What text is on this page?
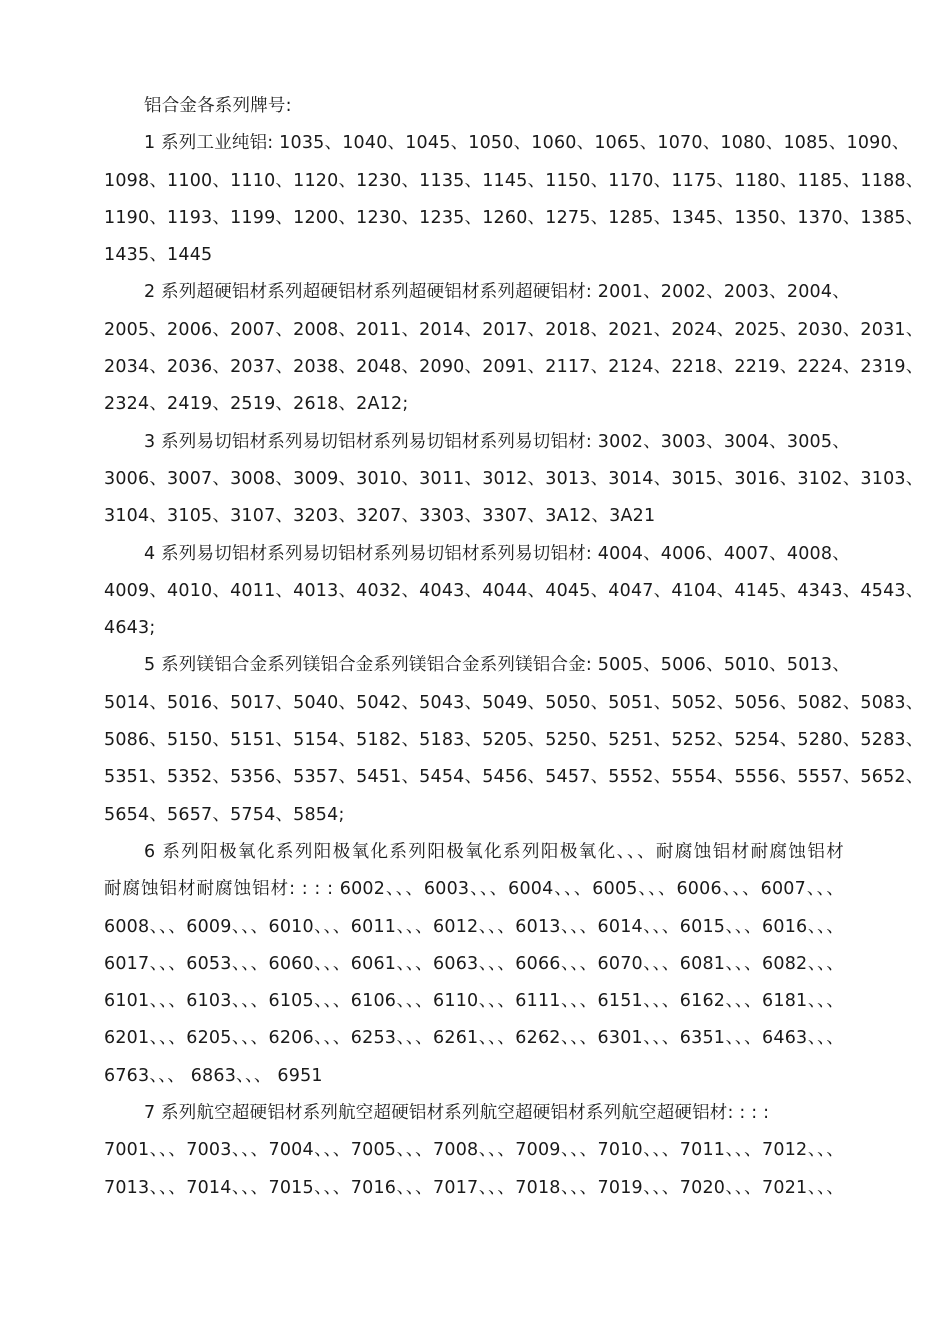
铝合金各系列牌号:
1 系列工业纯铝: 1035、1040、1045、1050、1060、1065、1070、1080、1085、1090、
1098、1100、1110、1120、1230、1135、1145、1150、1170、1175、1180、1185、1188、
1190、1193、1199、1200、1230、1235、1260、1275、1285、1345、1350、1370、1385、
1435、1445
2 系列超硬铝材系列超硬铝材系列超硬铝材系列超硬铝材: 2001、2002、2003、2004、
2005、2006、2007、2008、2011、2014、2017、2018、2021、2024、2025、2030、2031、
2034、2036、2037、2038、2048、2090、2091、2117、2124、2218、2219、2224、2319、
2324、2419、2519、2618、2A12;
3 系列易切铝材系列易切铝材系列易切铝材系列易切铝材: 3002、3003、3004、3005、
3006、3007、3008、3009、3010、3011、3012、3013、3014、3015、3016、3102、3103、
3104、3105、3107、3203、3207、3303、3307、3A12、3A21
4 系列易切铝材系列易切铝材系列易切铝材系列易切铝材: 4004、4006、4007、4008、
4009、4010、4011、4013、4032、4043、4044、4045、4047、4104、4145、4343、4543、
4643;
5 系列镁铝合金系列镁铝合金系列镁铝合金系列镁铝合金: 5005、5006、5010、5013、
5014、5016、5017、5040、5042、5043、5049、5050、5051、5052、5056、5082、5083、
5086、5150、5151、5154、5182、5183、5205、5250、5251、5252、5254、5280、5283、
5351、5352、5356、5357、5451、5454、5456、5457、5552、5554、5556、5557、5652、
5654、5657、5754、5854;
6 系列阳极氧化系列阳极氧化系列阳极氧化系列阳极氧化、、、耐腐蚀铝材耐腐蚀铝材
耐腐蚀铝材耐腐蚀铝材: : : : 6002、、、6003、、、6004、、、6005、、、6006、、、6007、、、
6008、、、6009、、、6010、、、6011、、、6012、、、6013、、、6014、、、6015、、、6016、、、
6017、、、6053、、、6060、、、6061、、、6063、、、6066、、、6070、、、6081、、、6082、、、
6101、、、6103、、、6105、、、6106、、、6110、、、6111、、、6151、、、6162、、、6181、、、
6201、、、6205、、、6206、、、6253、、、6261、、、6262、、、6301、、、6351、、、6463、、、
6763、、、 6863、、、 6951
7 系列航空超硬铝材系列航空超硬铝材系列航空超硬铝材系列航空超硬铝材: : : :
7001、、、7003、、、7004、、、7005、、、7008、、、7009、、、7010、、、7011、、、7012、、、
7013、、、7014、、、7015、、、7016、、、7017、、、7018、、、7019、、、7020、、、7021、、、
